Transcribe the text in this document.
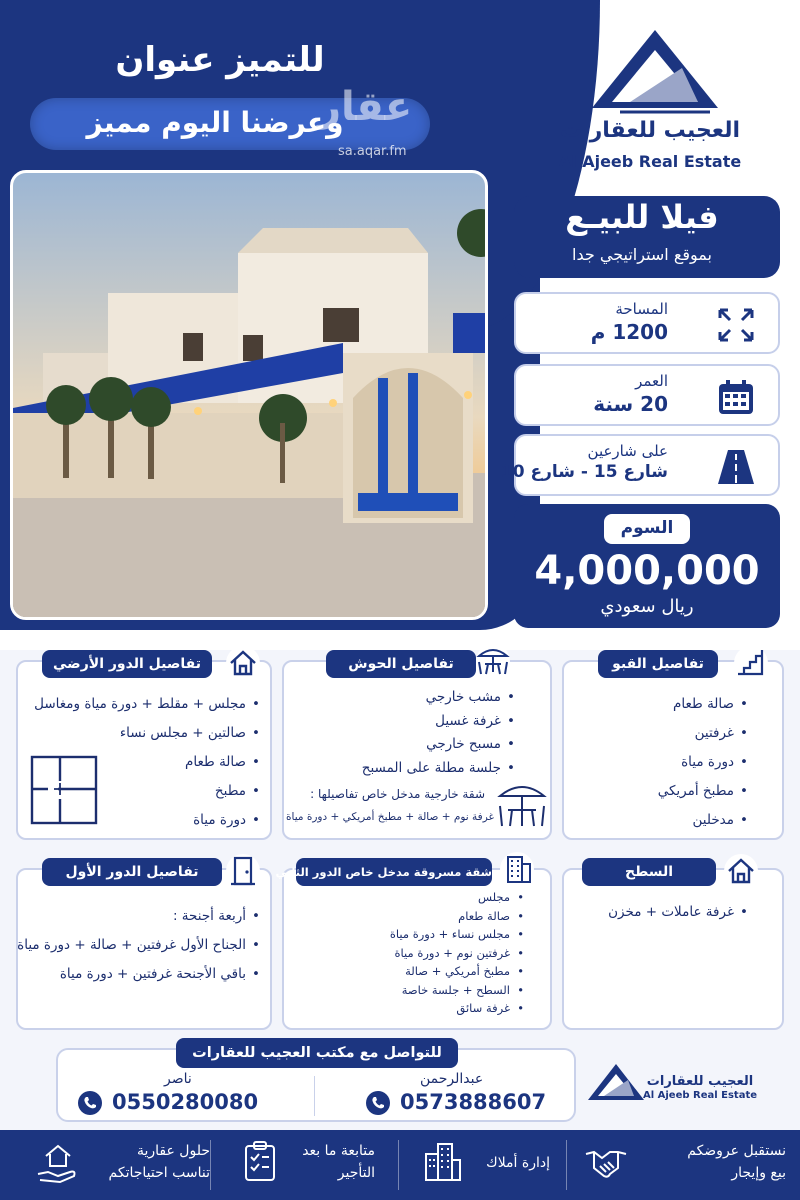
للتميز عنوان
وعرضنا اليوم مميز
عقار
sa.aqar.fm
العجيب للعقارات
Al Ajeeb Real Estate
فيلا للبيـع
بموقع استراتيجي جدا
المساحة
1200 م
العمر
20 سنة
على شارعين
شارع 15 - شارع 10
السوم
4,000,000
ريال سعودي
تفاصيل الدور الأرضي
• مجلس + مقلط + دورة مياة ومغاسل
• صالتين + مجلس نساء
• صالة طعام
• مطبخ
• دورة مياة
تفاصيل الحوش
• مشب خارجي
• غرفة غسيل
• مسبح خارجي
• جلسة مطلة على المسبح
شقة خارجية مدخل خاص تفاصيلها :
غرفة نوم + صالة + مطبخ أمريكي + دورة مياة
تفاصيل القبو
• صالة طعام
• غرفتين
• دورة مياة
• مطبخ أمريكي
• مدخلين
تفاصيل الدور الأول
• أربعة أجنحة :
• الجناح الأول غرفتين + صالة + دورة مياة
• باقي الأجنحة غرفتين + دورة مياة
شقة مسروقة مدخل خاص الدور الثاني
• مجلس
• صالة طعام
• مجلس نساء + دورة مياة
• غرفتين نوم + دورة مياة
• مطبخ أمريكي + صالة
• السطح + جلسة خاصة
• غرفة سائق
السطح
• غرفة عاملات + مخزن
للتواصل مع مكتب العجيب للعقارات
عبدالرحمن
0573888607
ناصر
0550280080
العجيب للعقارات
Al Ajeeb Real Estate
نستقبل عروضكم
بيع وإيجار
إدارة أملاك
متابعة ما بعد
التأجير
حلول عقارية
تناسب احتياجاتكم
